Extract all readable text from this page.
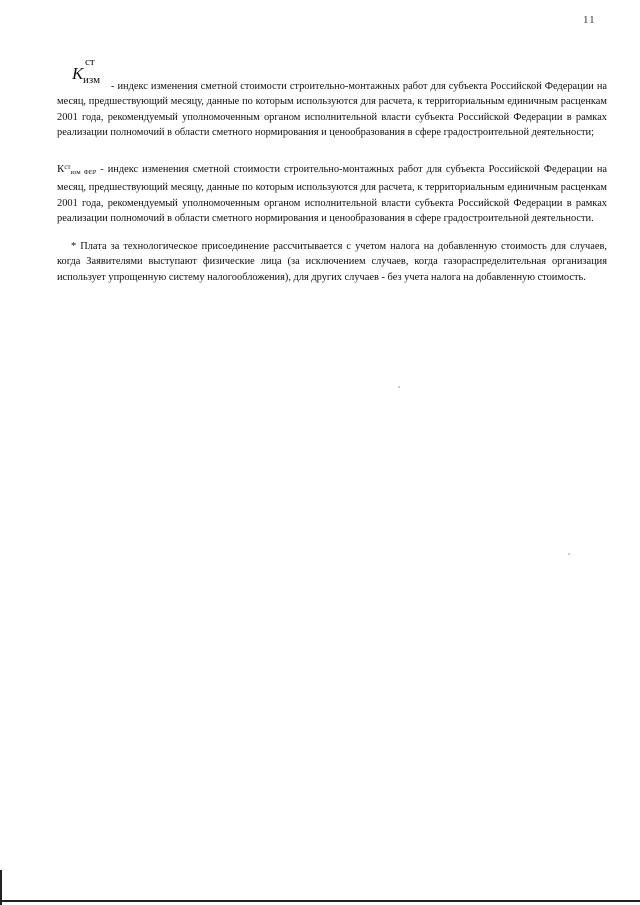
11
K
ст
изм

- индекс изменения сметной стоимости строительно-монтажных работ для субъекта Российской Федерации на месяц, предшествующий месяцу, данные по которым используются для расчета, к территориальным единичным расценкам 2001 года, рекомендуемый уполномоченным органом исполнительной власти субъекта Российской Федерации в рамках реализации полномочий в области сметного нормирования и ценообразования в сфере градостроительной деятельности;

$К^{ст}изм$ ФЕР - индекс изменения сметной стоимости строительно-монтажных работ для субъекта Российской Федерации на месяц, предшествующий месяцу, данные по которым используются для расчета, к территориальным единичным расценкам 2001 года, рекомендуемый уполномоченным органом исполнительной власти субъекта Российской Федерации в рамках реализации полномочий в области сметного нормирования и ценообразования в сфере градостроительной деятельности.

* Плата за технологическое присоединение рассчитывается с учетом налога на добавленную стоимость для случаев, когда Заявителями выступают физические лица (за исключением случаев, когда газораспределительная организация использует упрощенную систему налогообложения), для других случаев - без учета налога на добавленную стоимость.
